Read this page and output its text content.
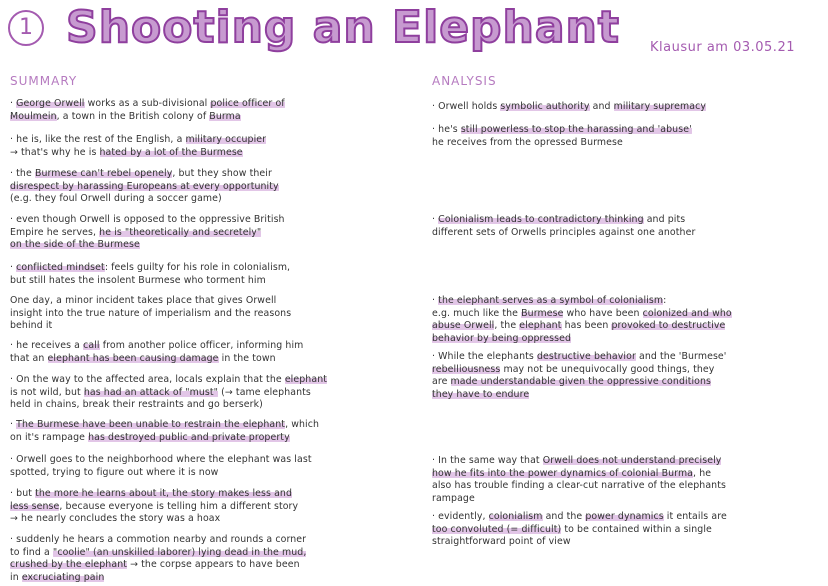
1 Shooting an Elephant Klausur am 03.05.21
SUMMARY	ANALYSIS
· George Orwell works as a sub-divisional police officer of
Moulmein, a town in the British colony of Burma
· he is, like the rest of the English, a military occupier
→ that's why he is hated by a lot of the Burmese
· the Burmese can't rebel openely, but they show their
disrespect by harassing Europeans at every opportunity
(e.g. they foul Orwell during a soccer game)
· even though Orwell is opposed to the oppressive British
Empire he serves, he is "theoretically and secretely"
on the side of the Burmese
· conflicted mindset: feels guilty for his role in colonialism,
but still hates the insolent Burmese who torment him
One day, a minor incident takes place that gives Orwell
insight into the true nature of imperialism and the reasons
behind it
· he receives a call from another police officer, informing him
that an elephant has been causing damage in the town
· On the way to the affected area, locals explain that the elephant
is not wild, but has had an attack of "must" (→ tame elephants
held in chains, break their restraints and go berserk)
· The Burmese have been unable to restrain the elephant, which
on it's rampage has destroyed public and private property
· Orwell goes to the neighborhood where the elephant was last
spotted, trying to figure out where it is now
· but the more he learns about it, the story makes less and
less sense, because everyone is telling him a different story
→ he nearly concludes the story was a hoax
· suddenly he hears a commotion nearby and rounds a corner
to find a "coolie" (an unskilled laborer) lying dead in the mud,
crushed by the elephant → the corpse appears to have been
in excruciating pain
· Orwell holds symbolic authority and military supremacy
· he's still powerless to stop the harassing and 'abuse'
he receives from the opressed Burmese
· Colonialism leads to contradictory thinking and pits
different sets of Orwells principles against one another
· the elephant serves as a symbol of colonialism:
e.g. much like the Burmese who have been colonized and who
abuse Orwell, the elephant has been provoked to destructive
behavior by being oppressed
· While the elephants destructive behavior and the 'Burmese'
rebelliousness may not be unequivocally good things, they
are made understandable given the oppressive conditions
they have to endure
· In the same way that Orwell does not understand precisely
how he fits into the power dynamics of colonial Burma, he
also has trouble finding a clear-cut narrative of the elephants
rampage
· evidently, colonialism and the power dynamics it entails are
too convoluted (= difficult) to be contained within a single
straightforward point of view
